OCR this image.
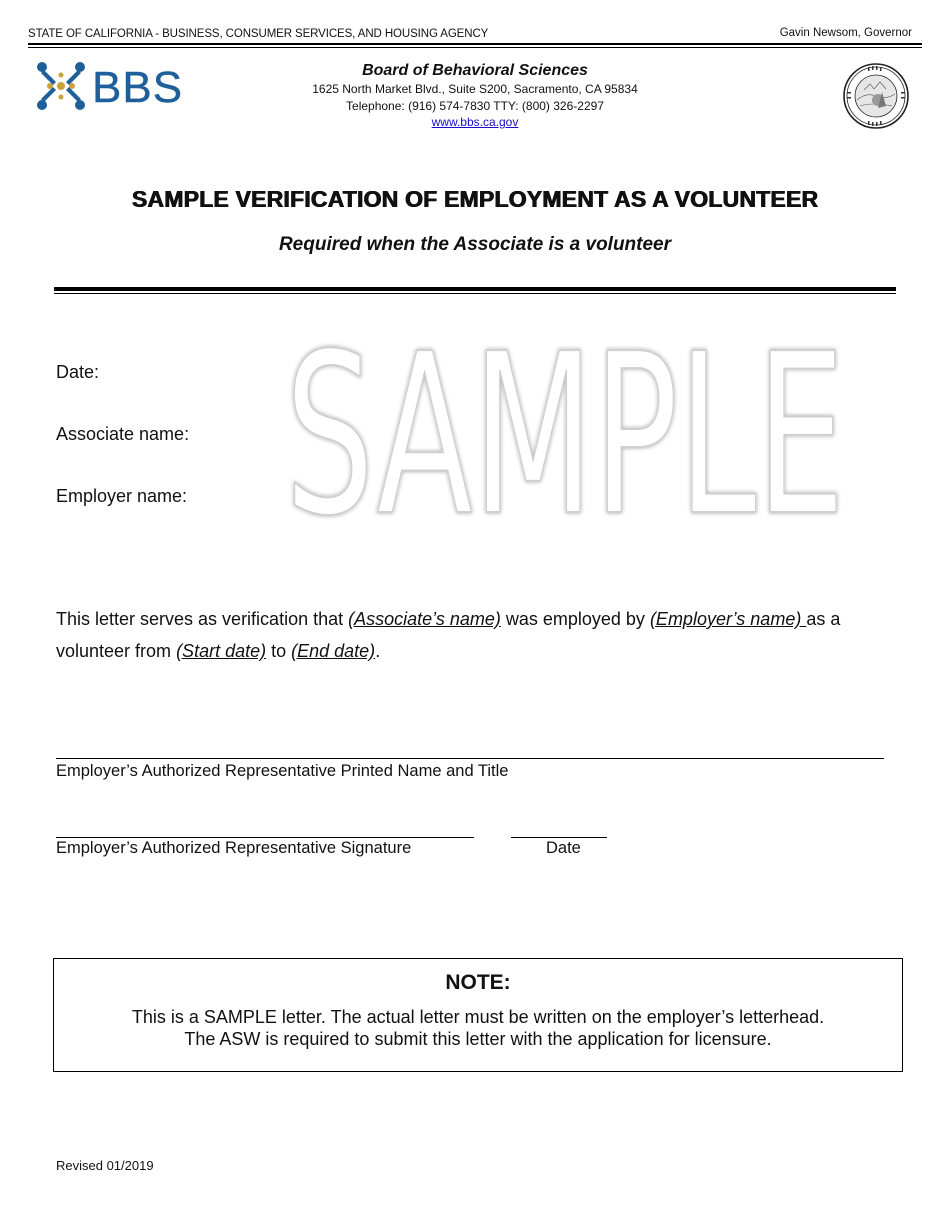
STATE OF CALIFORNIA - BUSINESS, CONSUMER SERVICES, AND HOUSING AGENCY	Gavin Newsom, Governor
BBS	Board of Behavioral Sciences
1625 North Market Blvd., Suite S200, Sacramento, CA 95834
Telephone: (916) 574-7830 TTY: (800) 326-2297
www.bbs.ca.gov
SAMPLE VERIFICATION OF EMPLOYMENT AS A VOLUNTEER
Required when the Associate is a volunteer
SAMPLE
Date:
Associate name:
Employer name:
This letter serves as verification that (Associate’s name) was employed by (Employer’s name) as a volunteer from (Start date) to (End date).
Employer’s Authorized Representative Printed Name and Title
Employer’s Authorized Representative Signature	Date
NOTE:
This is a SAMPLE letter. The actual letter must be written on the employer’s letterhead.
The ASW is required to submit this letter with the application for licensure.
Revised 01/2019
